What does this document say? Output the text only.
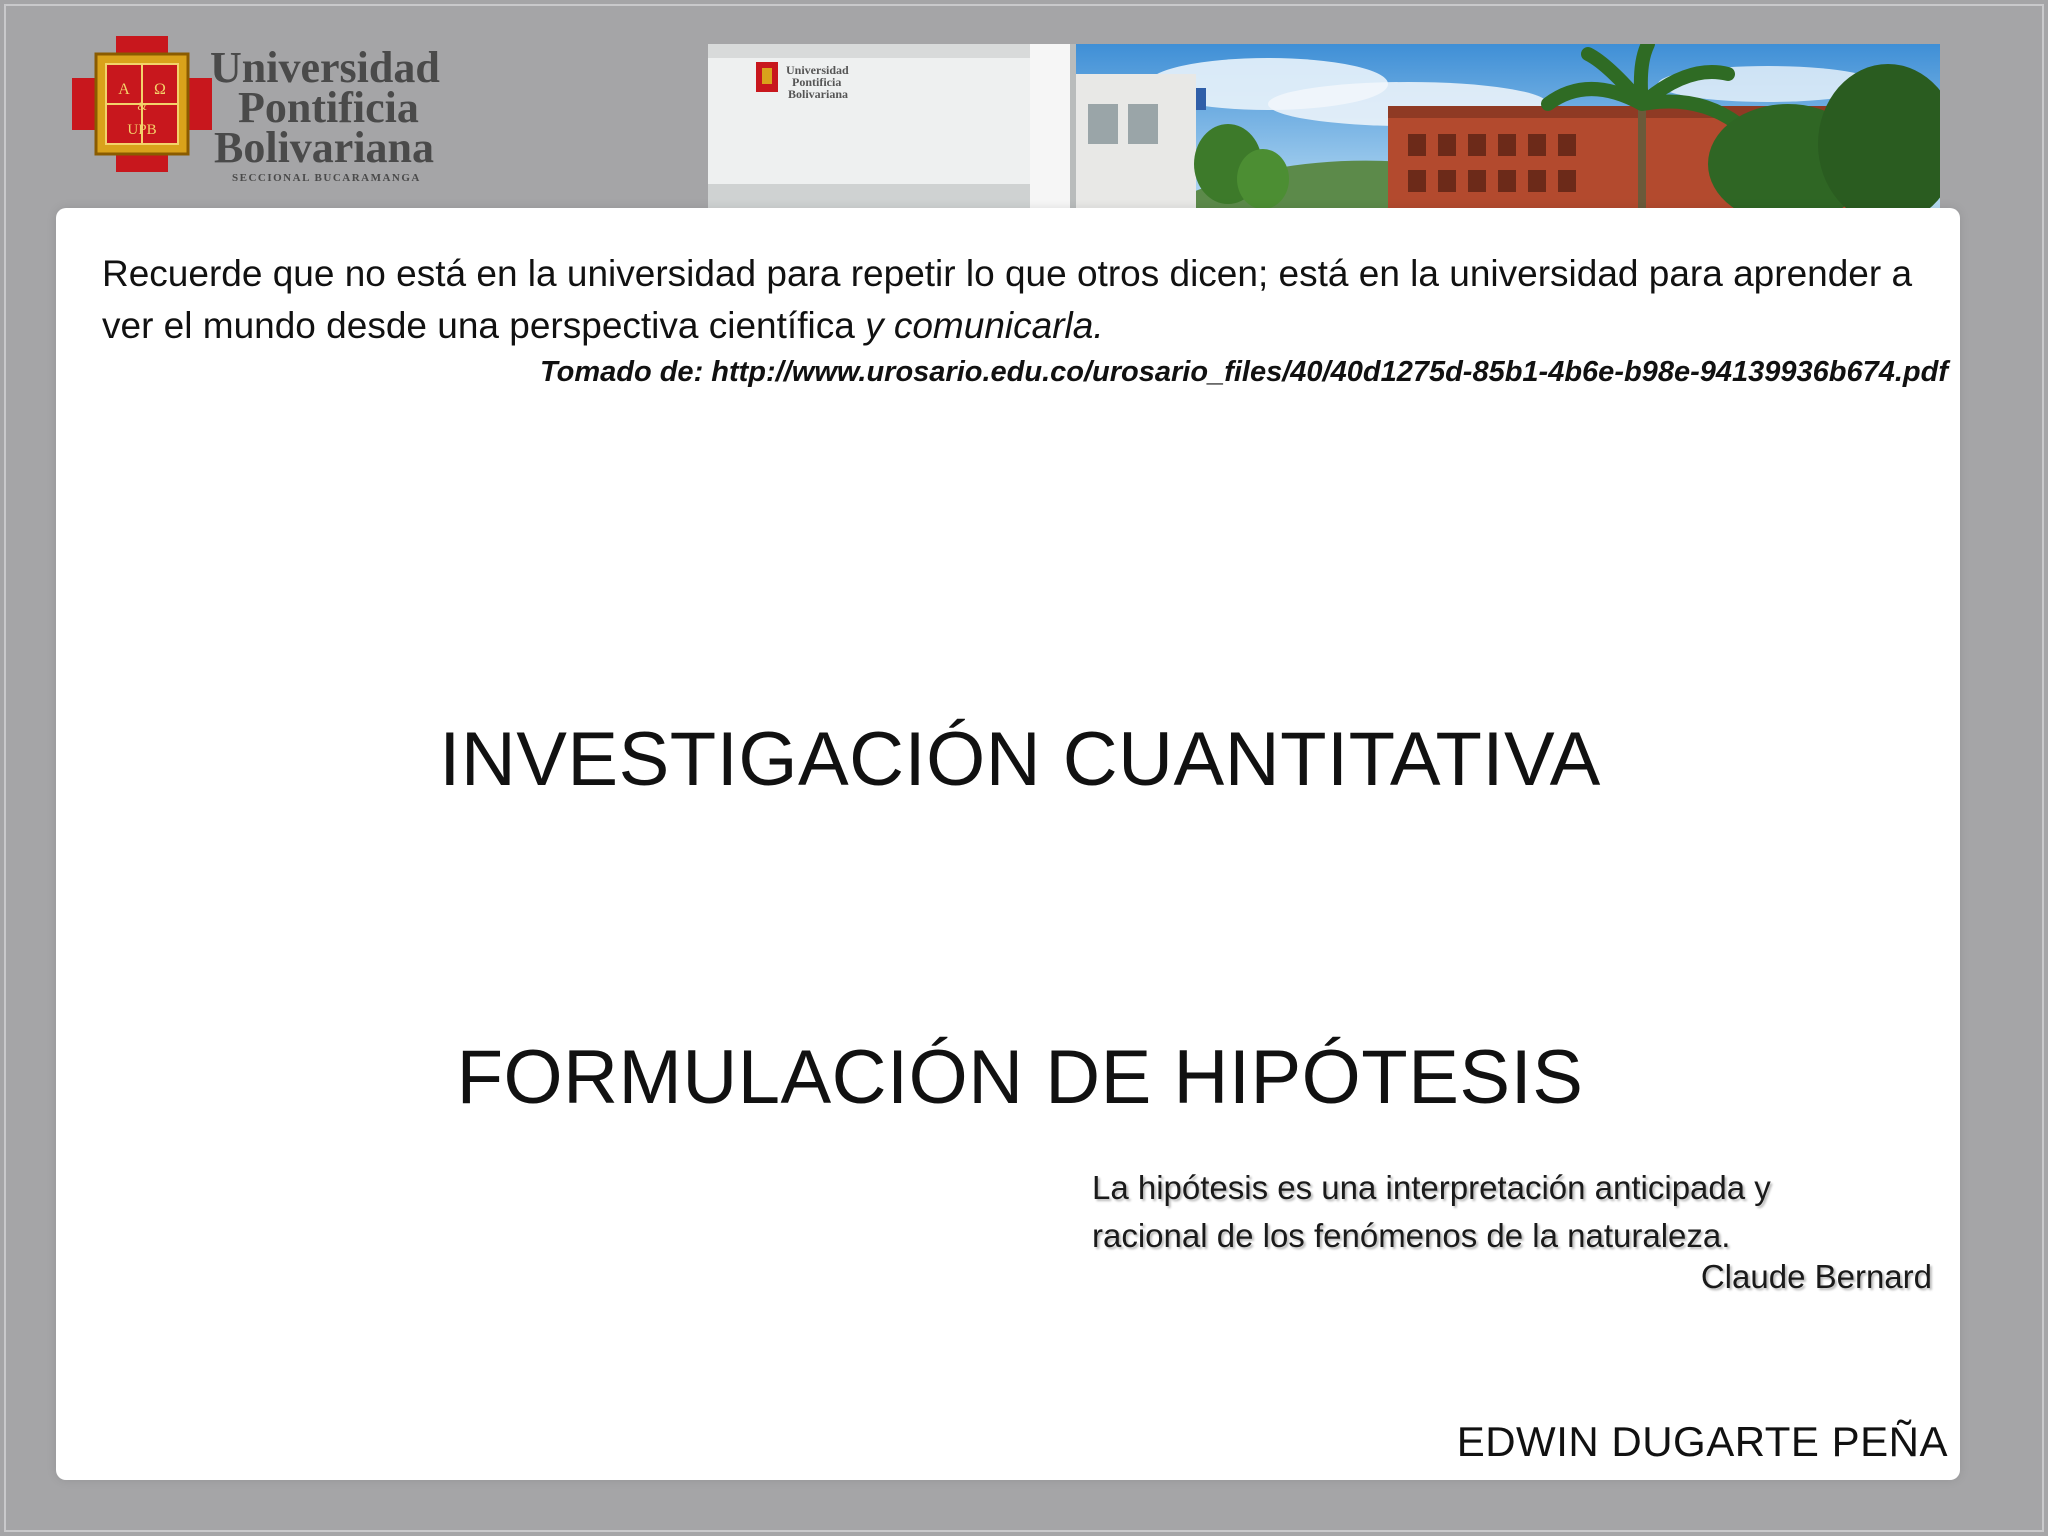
A Ω
&
UPB
Universidad
Pontificia
Bolivariana
SECCIONAL BUCARAMANGA
Universidad
Pontificia
Bolivariana
Recuerde que no está en la universidad para repetir lo que otros dicen; está en la universidad para aprender a ver el mundo desde una perspectiva científica y comunicarla.
Tomado de: http://www.urosario.edu.co/urosario_files/40/40d1275d-85b1-4b6e-b98e-94139936b674.pdf
INVESTIGACIÓN CUANTITATIVA
FORMULACIÓN DE HIPÓTESIS
La hipótesis es una interpretación anticipada y
racional de los fenómenos de la naturaleza.
Claude Bernard
EDWIN DUGARTE PEÑA
